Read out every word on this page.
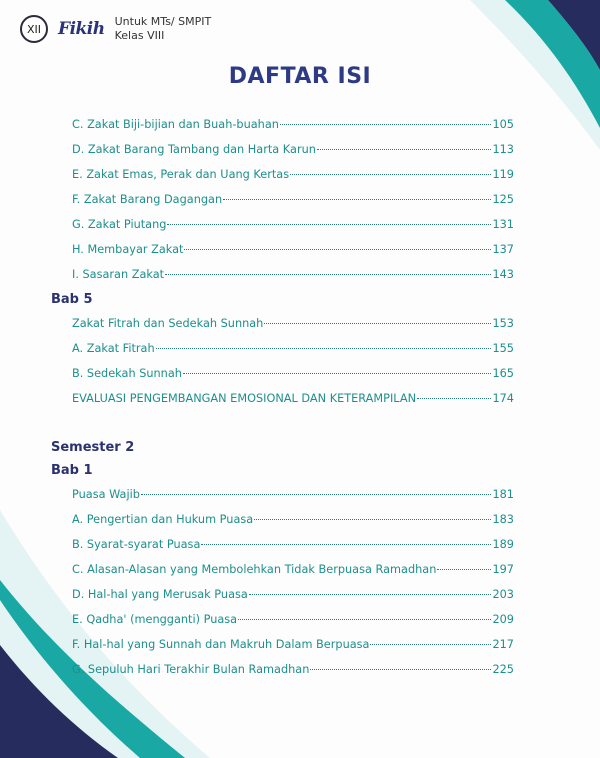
XII Fikih Untuk MTs/ SMPIT
Kelas VIII
DAFTAR ISI
C. Zakat Biji-bijian dan Buah-buahan	105
D. Zakat Barang Tambang dan Harta Karun	113
E. Zakat Emas, Perak dan Uang Kertas	119
F. Zakat Barang Dagangan	125
G. Zakat Piutang	131
H. Membayar Zakat	137
I. Sasaran Zakat	143
Bab 5
Zakat Fitrah dan Sedekah Sunnah	153
A. Zakat Fitrah	155
B. Sedekah Sunnah	165
EVALUASI PENGEMBANGAN EMOSIONAL DAN KETERAMPILAN	174
Semester 2
Bab 1
Puasa Wajib	181
A. Pengertian dan Hukum Puasa	183
B. Syarat-syarat Puasa	189
C. Alasan-Alasan yang Membolehkan Tidak Berpuasa Ramadhan	197
D. Hal-hal yang Merusak Puasa	203
E. Qadha' (mengganti) Puasa	209
F. Hal-hal yang Sunnah dan Makruh Dalam Berpuasa	217
G. Sepuluh Hari Terakhir Bulan Ramadhan	225
